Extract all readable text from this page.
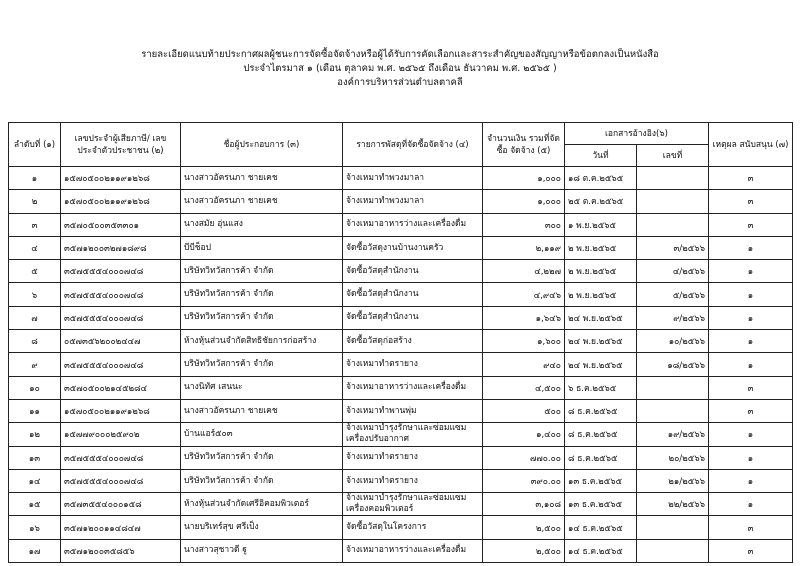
รายละเอียดแนบท้ายประกาศผลผู้ชนะการจัดซื้อจัดจ้างหรือผู้ได้รับการคัดเลือกและสาระสำคัญของสัญญาหรือข้อตกลงเป็นหนังสือ
ประจำไตรมาส ๑ (เดือน ตุลาคม พ.ศ. ๒๕๖๕ ถึงเดือน ธันวาคม พ.ศ. ๒๕๖๕ )
องค์การบริหารส่วนตำบลตาคลี
ลำดับที่ (๑)	เลขประจำผู้เสียภาษี/ เลขประจำตัวประชาชน (๒)	ชื่อผู้ประกอบการ (๓)	รายการพัสดุที่จัดซื้อจัดจ้าง (๔)	จำนวนเงิน รวมที่จัดซื้อ จัดจ้าง (๕)	เอกสารอ้างอิง(๖)		เหตุผล สนับสนุน (๗)
					วันที่	เลขที่	
๑	๑๕๗๐๕๐๐๒๑๑๙๑๒๖๘	นางสาวอัครนภา ชายเคช	จ้างเหมาทำพวงมาลา	๑,๐๐๐	๑๘ ต.ค.๒๕๖๕		๓
๒	๑๕๗๐๕๐๐๒๑๑๙๑๒๖๘	นางสาวอัครนภา ชายเคช	จ้างเหมาทำพวงมาลา	๑,๐๐๐	๒๕ ต.ค.๒๕๖๕		๓
๓	๓๕๗๐๕๐๐๓๕๓๓๐๑	นางสมัย อุ่นแสง	จ้างเหมาอาหารว่างและเครื่องดื่ม	๓๐๐	๑ พ.ย.๒๕๖๕		๓
๔	๓๕๗๑๒๐๐๓๒๗๑๘๙๘	บีบีช็อป	จัดซื้อวัสดุงานบ้านงานครัว	๒,๑๑๙	๒ พ.ย.๒๕๖๕	๓/๒๕๖๖	๑
๕	๓๕๗๕๕๕๔๐๐๐๗๔๘	บริษัทวิทวัสการค้า จำกัด	จัดซื้อวัสดุสำนักงาน	๔,๒๒๗	๒ พ.ย.๒๕๖๕	๔/๒๕๖๖	๑
๖	๓๕๗๕๕๕๔๐๐๐๗๔๘	บริษัทวิทวัสการค้า จำกัด	จัดซื้อวัสดุสำนักงาน	๔,๙๔๖	๒ พ.ย.๒๕๖๕	๕/๒๕๖๖	๑
๗	๓๕๗๕๕๕๔๐๐๐๗๔๘	บริษัทวิทวัสการค้า จำกัด	จัดซื้อวัสดุสำนักงาน	๑,๖๔๖	๒๔ พ.ย.๒๕๖๕	๙/๒๕๖๖	๑
๘	๐๕๗๓๕๖๒๐๐๒๔๔๗	ห้างหุ้นส่วนจำกัดสิทธิชัยการก่อสร้าง	จัดซื้อวัสดุก่อสร้าง	๑,๖๐๐	๒๔ พ.ย.๒๕๖๕	๑๐/๒๕๖๖	๑
๙	๓๕๗๕๕๕๔๐๐๐๗๔๘	บริษัทวิทวัสการค้า จำกัด	จ้างเหมาทำตรายาง	๙๔๐	๒๔ พ.ย.๒๕๖๕	๑๘/๒๕๖๖	๑
๑๐	๓๕๗๐๕๐๐๒๑๔๕๒๘๔	นางนิทัศ เสนนะ	จ้างเหมาอาหารว่างและเครื่องดื่ม	๔,๕๐๐	๖ ธ.ค.๒๕๖๕		๓
๑๑	๑๕๗๐๕๐๐๒๑๑๙๑๒๖๘	นางสาวอัครนภา ชายเคช	จ้างเหมาทำพานพุ่ม	๕๐๐	๘ ธ.ค.๒๕๖๕		๓
๑๒	๑๕๗๗๙๐๐๐๒๕๙๐๒	บ้านแอร์๕๐๓	จ้างเหมาบำรุงรักษาและซ่อมแซมเครื่องปรับอากาศ	๑,๔๐๐	๘ ธ.ค.๒๕๖๕	๑๙/๒๕๖๖	๑
๑๓	๓๕๗๕๕๕๔๐๐๐๗๔๘	บริษัทวิทวัสการค้า จำกัด	จ้างเหมาทำตรายาง	๗๗๐.๐๐	๘ ธ.ค.๒๕๖๕	๒๐/๒๕๖๖	๑
๑๔	๓๕๗๕๕๕๔๐๐๐๗๔๘	บริษัทวิทวัสการค้า จำกัด	จ้างเหมาทำตรายาง	๓๙๐.๐๐	๑๓ ธ.ค.๒๕๖๕	๒๑/๒๕๖๖	๑
๑๕	๓๕๗๓๕๕๔๐๐๐๑๕๘	ห้างหุ้นส่วนจำกัดเศรีอิคอมพิวเตอร์	จ้างเหมาบำรุงรักษาและซ่อมแซมเครื่องคอมพิวเตอร์	๓,๑๐๘	๑๓ ธ.ค.๒๕๖๕	๒๒/๒๕๖๖	๑
๑๖	๓๕๗๑๒๐๐๑๑๔๘๔๗	นายบริเทร์สุข ศรีเป็ง	จัดซื้อวัสดุในโครงการ	๒,๕๐๐	๑๔ ธ.ค.๒๕๖๕		๓
๑๗	๓๕๗๑๒๐๐๓๕๘๕๖	นางสาวสุชาวดี ฐู	จ้างเหมาอาหารว่างและเครื่องดื่ม	๒,๕๐๐	๑๔ ธ.ค.๒๕๖๕		๓
